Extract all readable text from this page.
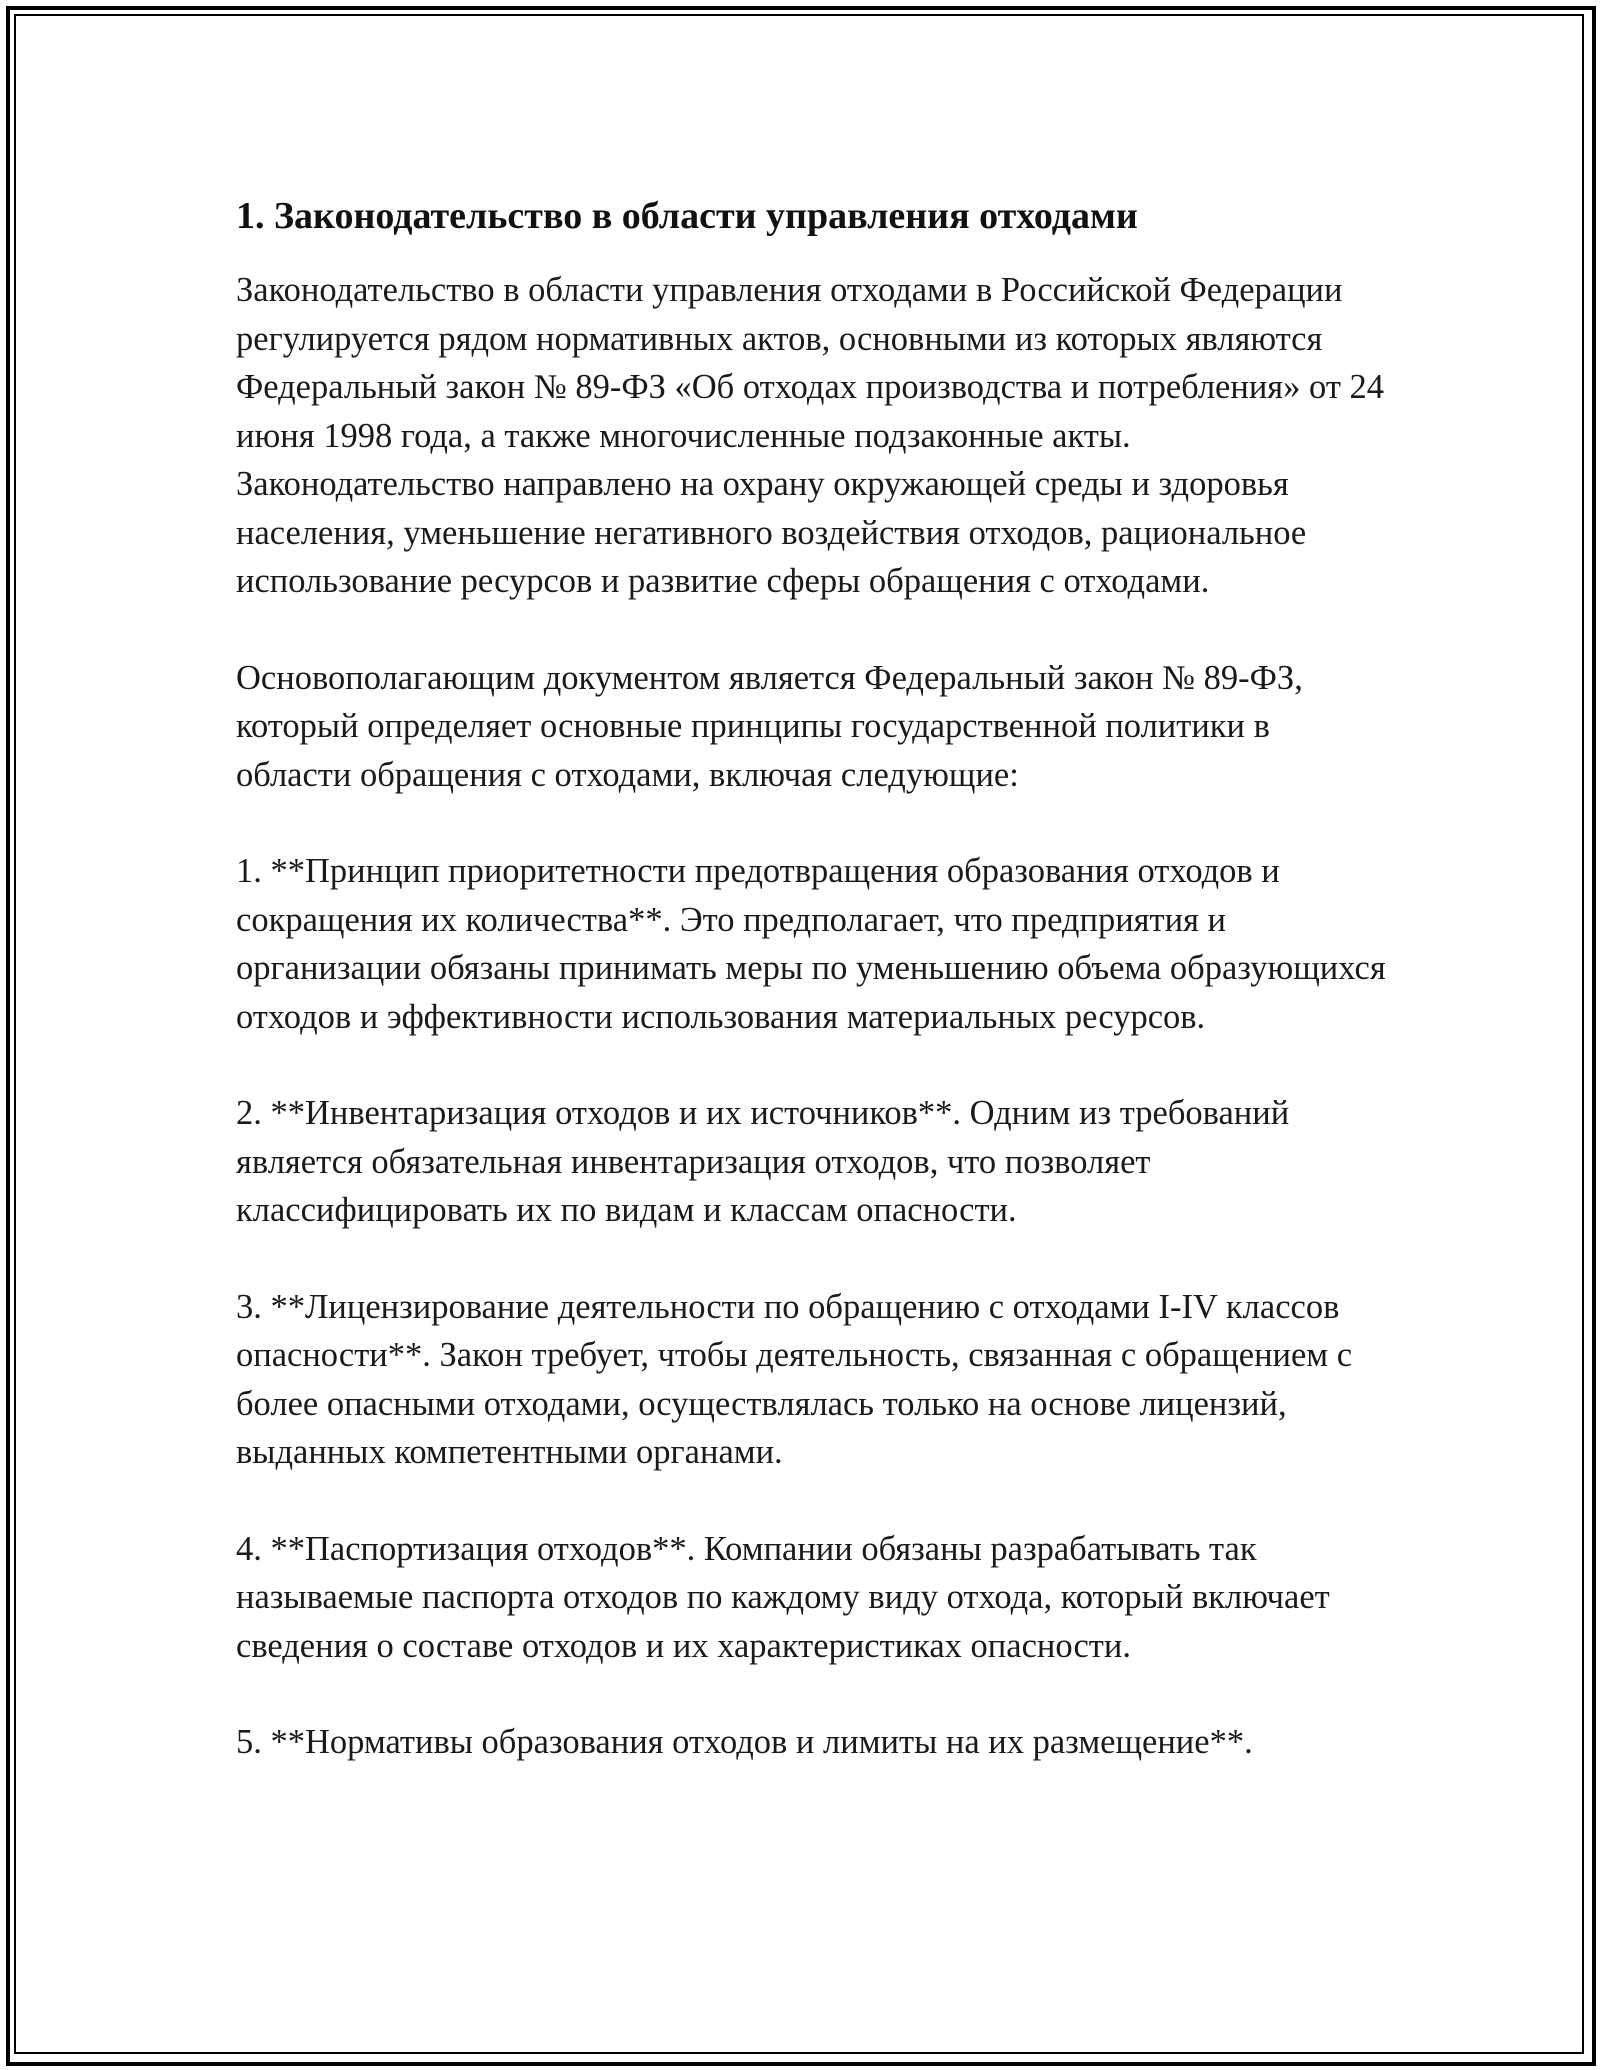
1. Законодательство в области управления отходами

Законодательство в области управления отходами в Российской Федерации регулируется рядом нормативных актов, основными из которых являются Федеральный закон № 89-ФЗ «Об отходах производства и потребления» от 24 июня 1998 года, а также многочисленные подзаконные акты. Законодательство направлено на охрану окружающей среды и здоровья населения, уменьшение негативного воздействия отходов, рациональное использование ресурсов и развитие сферы обращения с отходами.

Основополагающим документом является Федеральный закон № 89-ФЗ, который определяет основные принципы государственной политики в области обращения с отходами, включая следующие:

1. **Принцип приоритетности предотвращения образования отходов и сокращения их количества**. Это предполагает, что предприятия и организации обязаны принимать меры по уменьшению объема образующихся отходов и эффективности использования материальных ресурсов.

2. **Инвентаризация отходов и их источников**. Одним из требований является обязательная инвентаризация отходов, что позволяет классифицировать их по видам и классам опасности.

3. **Лицензирование деятельности по обращению с отходами I-IV классов опасности**. Закон требует, чтобы деятельность, связанная с обращением с более опасными отходами, осуществлялась только на основе лицензий, выданных компетентными органами.

4. **Паспортизация отходов**. Компании обязаны разрабатывать так называемые паспорта отходов по каждому виду отхода, который включает сведения о составе отходов и их характеристиках опасности.

5. **Нормативы образования отходов и лимиты на их размещение**.
